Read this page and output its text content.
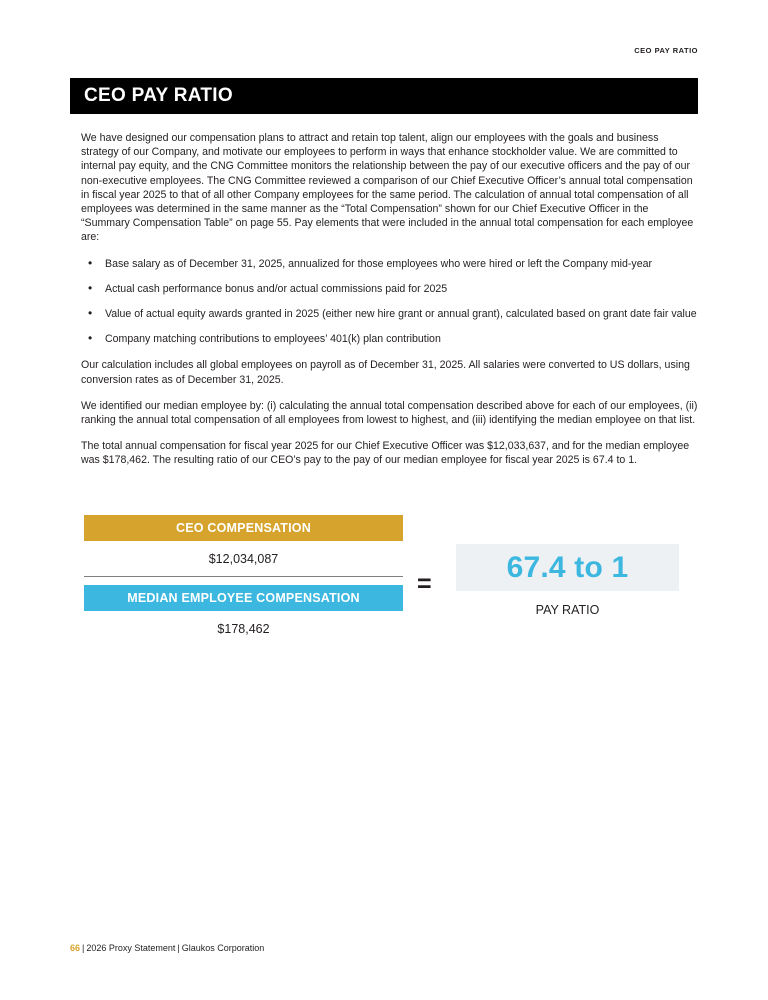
CEO PAY RATIO
CEO PAY RATIO

We have designed our compensation plans to attract and retain top talent, align our employees with the goals and business strategy of our Company, and motivate our employees to perform in ways that enhance stockholder value. We are committed to internal pay equity, and the CNG Committee monitors the relationship between the pay of our executive officers and the pay of our non-executive employees. The CNG Committee reviewed a comparison of our Chief Executive Officer’s annual total compensation in fiscal year 2025 to that of all other Company employees for the same period. The calculation of annual total compensation of all employees was determined in the same manner as the “Total Compensation” shown for our Chief Executive Officer in the “Summary Compensation Table” on page 55. Pay elements that were included in the annual total compensation for each employee are:

• Base salary as of December 31, 2025, annualized for those employees who were hired or left the Company mid-year
• Actual cash performance bonus and/or actual commissions paid for 2025
• Value of actual equity awards granted in 2025 (either new hire grant or annual grant), calculated based on grant date fair value
• Company matching contributions to employees’ 401(k) plan contribution

Our calculation includes all global employees on payroll as of December 31, 2025. All salaries were converted to US dollars, using conversion rates as of December 31, 2025.

We identified our median employee by: (i) calculating the annual total compensation described above for each of our employees, (ii) ranking the annual total compensation of all employees from lowest to highest, and (iii) identifying the median employee on that list.

The total annual compensation for fiscal year 2025 for our Chief Executive Officer was $12,033,637, and for the median employee was $178,462. The resulting ratio of our CEO’s pay to the pay of our median employee for fiscal year 2025 is 67.4 to 1.

CEO COMPENSATION
$12,034,087
MEDIAN EMPLOYEE COMPENSATION
$178,462
=
67.4 to 1
PAY RATIO
66 | 2026 Proxy Statement | Glaukos Corporation
